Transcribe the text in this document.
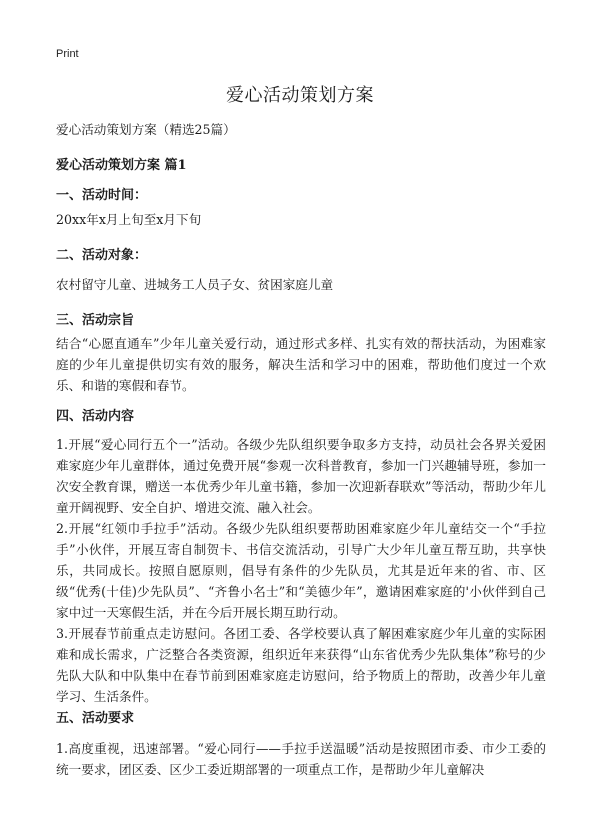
Print
爱心活动策划方案

爱心活动策划方案（精选25篇）

爱心活动策划方案 篇1

一、活动时间：

20xx年x月上旬至x月下旬

二、活动对象：

农村留守儿童、进城务工人员子女、贫困家庭儿童

三、活动宗旨

结合“心愿直通车”少年儿童关爱行动，通过形式多样、扎实有效的帮扶活动，为困难家庭的少年儿童提供切实有效的服务，解决生活和学习中的困难，帮助他们度过一个欢乐、和谐的寒假和春节。

四、活动内容

1.开展“爱心同行五个一”活动。各级少先队组织要争取多方支持，动员社会各界关爱困难家庭少年儿童群体，通过免费开展“参观一次科普教育，参加一门兴趣辅导班，参加一次安全教育课，赠送一本优秀少年儿童书籍，参加一次迎新春联欢”等活动，帮助少年儿童开阔视野、安全自护、增进交流、融入社会。

2.开展“红领巾手拉手”活动。各级少先队组织要帮助困难家庭少年儿童结交一个“手拉手”小伙伴，开展互寄自制贺卡、书信交流活动，引导广大少年儿童互帮互助，共享快乐，共同成长。按照自愿原则，倡导有条件的少先队员，尤其是近年来的省、市、区级“优秀(十佳)少先队员”、“齐鲁小名士”和“美德少年”，邀请困难家庭的'小伙伴到自己家中过一天寒假生活，并在今后开展长期互助行动。

3.开展春节前重点走访慰问。各团工委、各学校要认真了解困难家庭少年儿童的实际困难和成长需求，广泛整合各类资源，组织近年来获得“山东省优秀少先队集体”称号的少先队大队和中队集中在春节前到困难家庭走访慰问，给予物质上的帮助，改善少年儿童学习、生活条件。

五、活动要求

1.高度重视，迅速部署。“爱心同行——手拉手送温暖”活动是按照团市委、市少工委的统一要求，团区委、区少工委近期部署的一项重点工作，是帮助少年儿童解决
